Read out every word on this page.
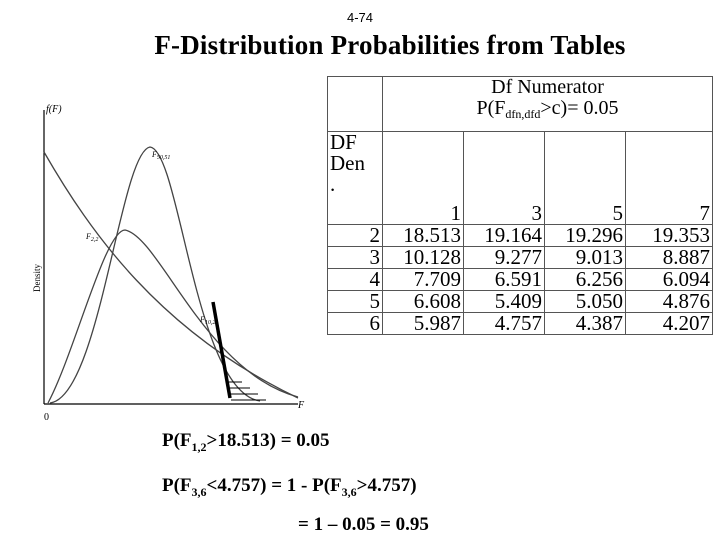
4-74
F-Distribution Probabilities from Tables
f(F)
Density
F
0
$F_{50,51}$
$F_{2,2}$
$F_{10,2}$

	Df Numerator
$P(F_{dfn,dfd}>c)= 0.05$			

DF
Den
.	1	3	5	7
2	18.513	19.164	19.296	19.353
3	10.128	9.277	9.013	8.887
4	7.709	6.591	6.256	6.094
5	6.608	5.409	5.050	4.876
6	5.987	4.757	4.387	4.207
$P(F_{1,2}>18.513) = 0.05$
$P(F_{3,6}<4.757) = 1 - P(F_{3,6}>4.757)$
= 1 – 0.05 = 0.95
